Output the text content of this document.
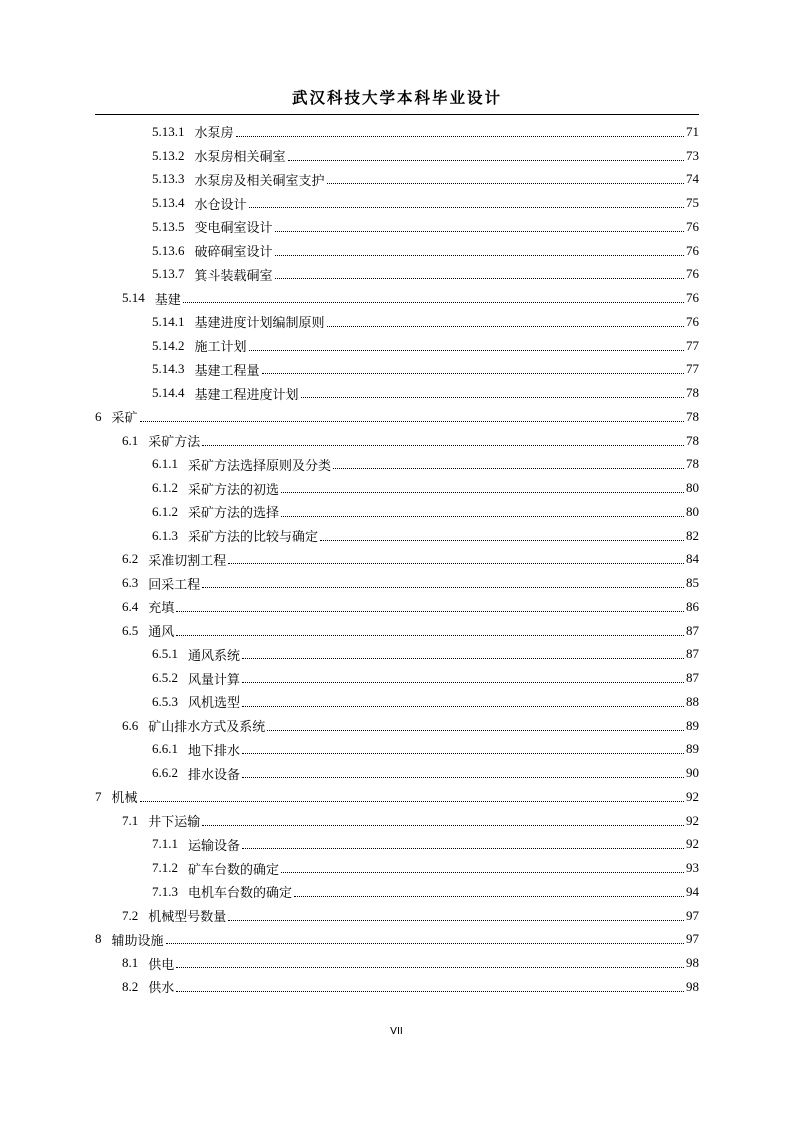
武汉科技大学本科毕业设计
5.13.1 水泵房	71
5.13.2 水泵房相关硐室	73
5.13.3 水泵房及相关硐室支护	74
5.13.4 水仓设计	75
5.13.5 变电硐室设计	76
5.13.6 破碎硐室设计	76
5.13.7 箕斗装载硐室	76
5.14 基建	76
5.14.1 基建进度计划编制原则	76
5.14.2 施工计划	77
5.14.3 基建工程量	77
5.14.4 基建工程进度计划	78
6 采矿	78
6.1 采矿方法	78
6.1.1 采矿方法选择原则及分类	78
6.1.2 采矿方法的初选	80
6.1.2 采矿方法的选择	80
6.1.3 采矿方法的比较与确定	82
6.2 采准切割工程	84
6.3 回采工程	85
6.4 充填	86
6.5 通风	87
6.5.1 通风系统	87
6.5.2 风量计算	87
6.5.3 风机选型	88
6.6 矿山排水方式及系统	89
6.6.1 地下排水	89
6.6.2 排水设备	90
7 机械	92
7.1 井下运输	92
7.1.1 运输设备	92
7.1.2 矿车台数的确定	93
7.1.3 电机车台数的确定	94
7.2 机械型号数量	97
8 辅助设施	97
8.1 供电	98
8.2 供水	98
VII
